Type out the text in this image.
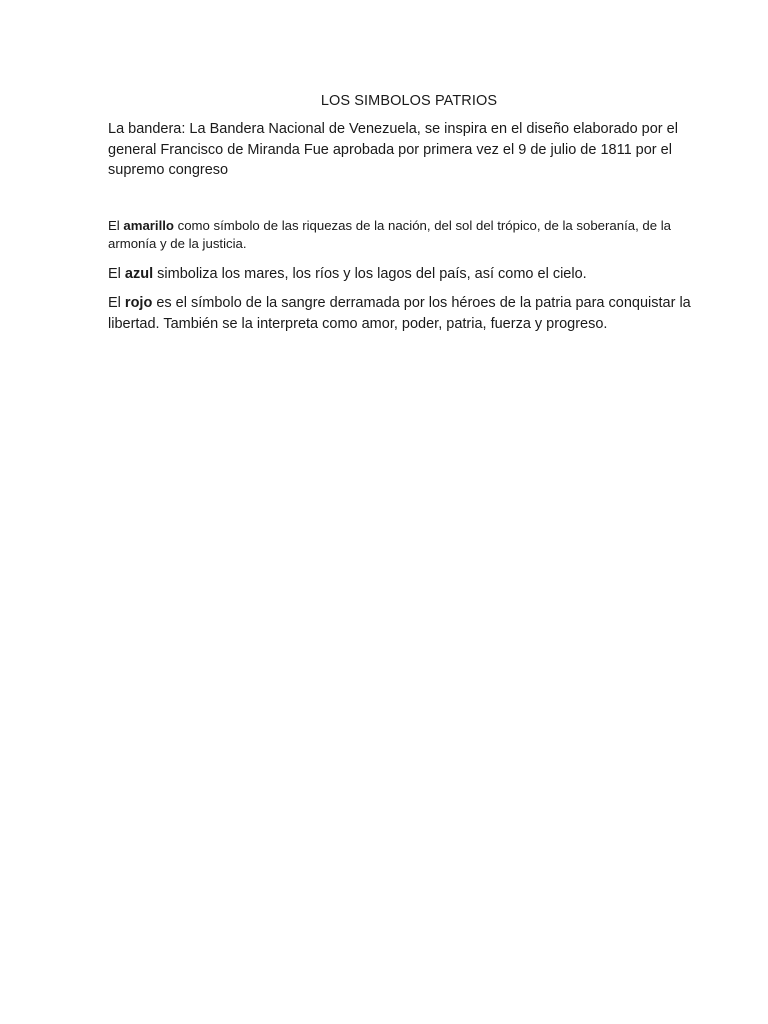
LOS SIMBOLOS PATRIOS

La bandera: La Bandera Nacional de Venezuela, se inspira en el diseño elaborado por el general Francisco de Miranda Fue aprobada por primera vez el 9 de julio de 1811 por el supremo congreso

El amarillo como símbolo de las riquezas de la nación, del sol del trópico, de la soberanía, de la armonía y de la justicia.

El azul simboliza los mares, los ríos y los lagos del país, así como el cielo.

El rojo es el símbolo de la sangre derramada por los héroes de la patria para conquistar la libertad. También se la interpreta como amor, poder, patria, fuerza y progreso.
